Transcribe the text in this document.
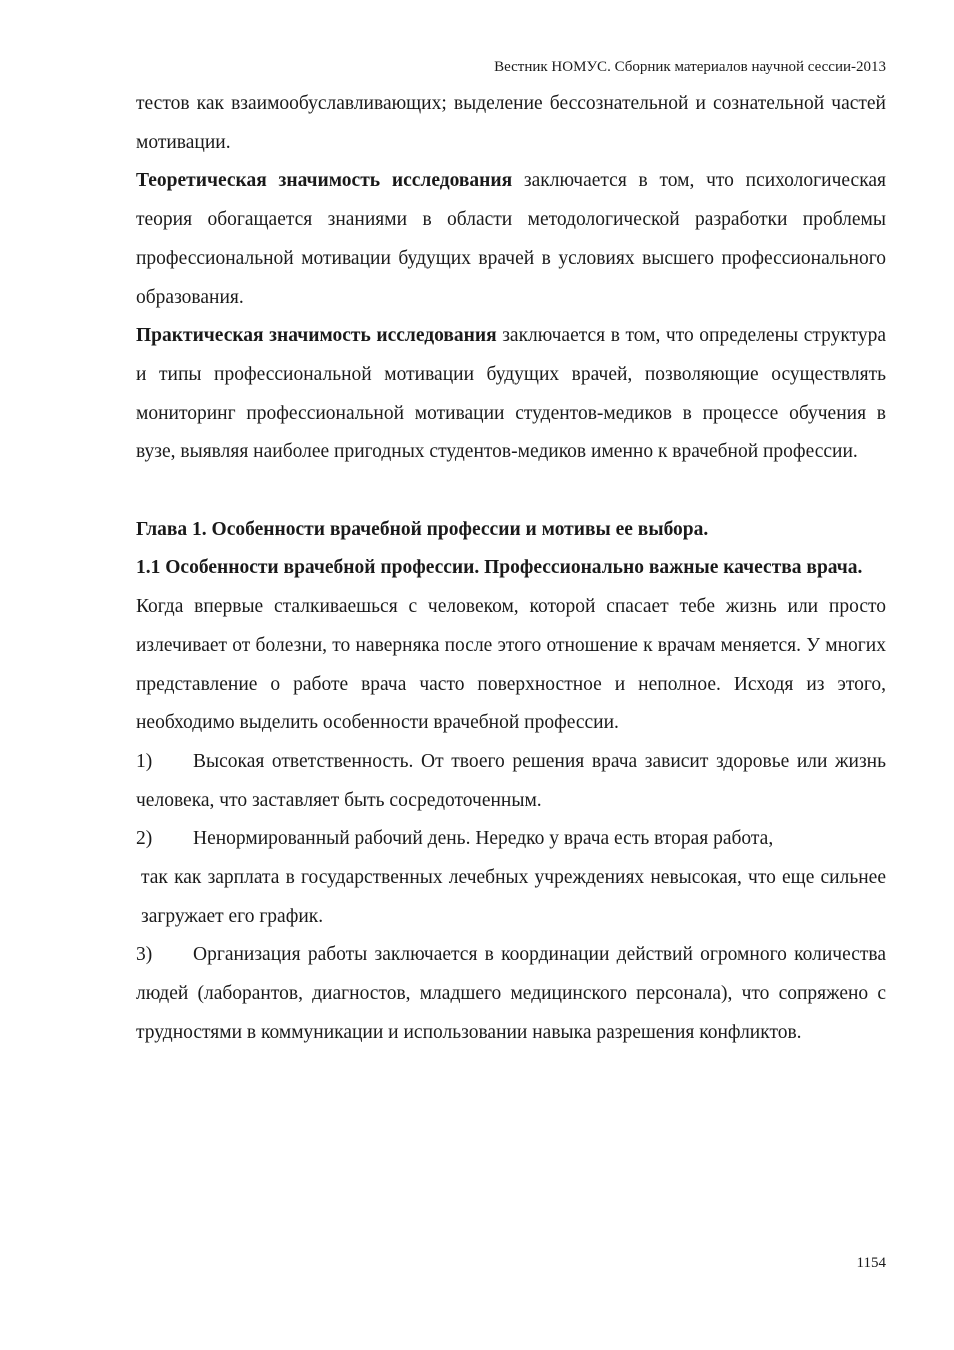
Вестник НОМУС. Сборник материалов научной сессии-2013

тестов как взаимообуславливающих; выделение бессознательной и сознательной частей мотивации.

Теоретическая значимость исследования заключается в том, что психологическая теория обогащается знаниями в области методологической разработки проблемы профессиональной мотивации будущих врачей в условиях высшего профессионального образования.

Практическая значимость исследования заключается в том, что определены структура и типы профессиональной мотивации будущих врачей, позволяющие осуществлять мониторинг профессиональной мотивации студентов-медиков в процессе обучения в вузе, выявляя наиболее пригодных студентов-медиков именно к врачебной профессии.

Глава 1. Особенности врачебной профессии и мотивы ее выбора.

1.1 Особенности врачебной профессии. Профессионально важные качества врача.

Когда впервые сталкиваешься с человеком, которой спасает тебе жизнь или просто излечивает от болезни, то наверняка после этого отношение к врачам меняется. У многих представление о работе врача часто поверхностное и неполное. Исходя из этого, необходимо выделить особенности врачебной профессии.

1) Высокая ответственность. От твоего решения врача зависит здоровье или жизнь человека, что заставляет быть сосредоточенным.

2) Ненормированный рабочий день. Нередко у врача есть вторая работа,

так как зарплата в государственных лечебных учреждениях невысокая, что еще сильнее загружает его график.

3) Организация работы заключается в координации действий огромного количества людей (лаборантов, диагностов, младшего медицинского персонала), что сопряжено с трудностями в коммуникации и использовании навыка разрешения конфликтов.

1154
